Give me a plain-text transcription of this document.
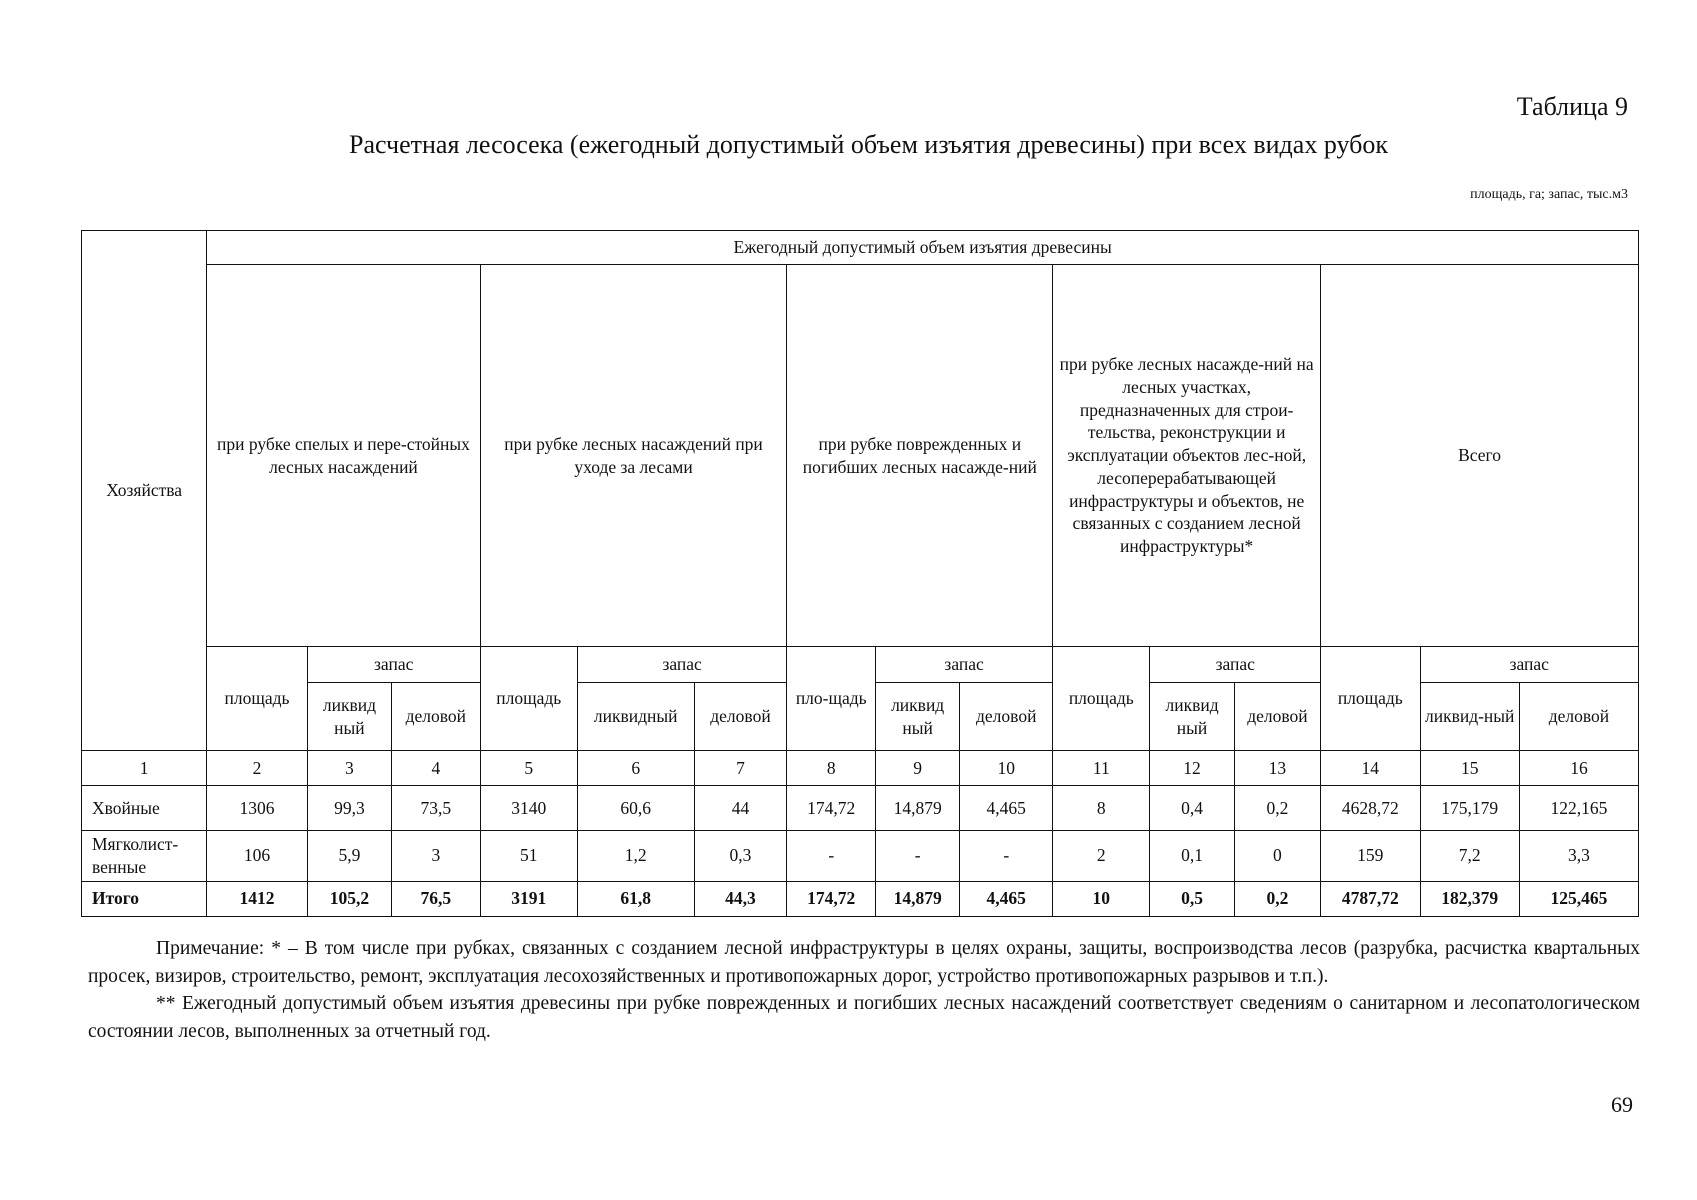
Таблица 9
Расчетная лесосека (ежегодный допустимый объем изъятия древесины) при всех видах рубок
площадь, га; запас, тыс.м3
Хозяйства	Ежегодный допустимый объем изъятия древесины														
	при рубке спелых и пере-стойных лесных насаждений			при рубке лесных насаждений при уходе за лесами			при рубке поврежденных и погибших лесных насажде-ний			при рубке лесных насажде-ний на лесных участках, предназначенных для строи-тельства, реконструкции и эксплуатации объектов лес-ной, лесоперерабатывающей инфраструктуры и объектов, не связанных с созданием лесной инфраструктуры*			Всего		
	площадь	запас		площадь	запас		пло-щадь	запас		площадь	запас		площадь	запас	
		ликвид ный	деловой		ликвидный	деловой		ликвид ный	деловой		ликвид ный	деловой		ликвид-ный	деловой
1	2	3	4	5	6	7	8	9	10	11	12	13	14	15	16
Хвойные	1306	99,3	73,5	3140	60,6	44	174,72	14,879	4,465	8	0,4	0,2	4628,72	175,179	122,165
Мягколист-венные	106	5,9	3	51	1,2	0,3	-	-	-	2	0,1	0	159	7,2	3,3
Итого	1412	105,2	76,5	3191	61,8	44,3	174,72	14,879	4,465	10	0,5	0,2	4787,72	182,379	125,465

Примечание: * – В том числе при рубках, связанных с созданием лесной инфраструктуры в целях охраны, защиты, воспроизводства лесов (разрубка, расчистка квартальных просек, визиров, строительство, ремонт, эксплуатация лесохозяйственных и противопожарных дорог, устройство противопожарных разрывов и т.п.).

** Ежегодный допустимый объем изъятия древесины при рубке поврежденных и погибших лесных насаждений соответствует сведениям о санитарном и лесопатологическом состоянии лесов, выполненных за отчетный год.

69
